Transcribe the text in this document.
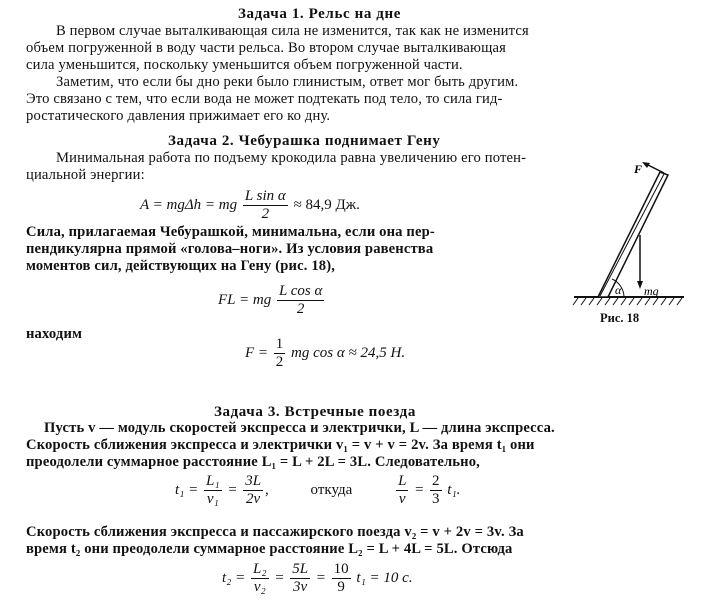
Задача 1. Рельс на дне
В первом случае выталкивающая сила не изменится, так как не изменится
объем погруженной в воду части рельса. Во втором случае выталкивающая
сила уменьшится, поскольку уменьшится объем погруженной части.
Заметим, что если бы дно реки было глинистым, ответ мог быть другим.
Это связано с тем, что если вода не может подтекать под тело, то сила гид-
ростатического давления прижимает его ко дну.
Задача 2. Чебурашка поднимает Гену
Минимальная работа по подъему крокодила равна увеличению его потен-
циальной энергии:
A = mgΔh = mg $\frac{\text{L sin α}}{2} \approx 84,9$ Дж.
Сила, прилагаемая Чебурашкой, минимальна, если она пер-
пендикулярна прямой «голова–ноги». Из условия равенства
моментов сил, действующих на Гену (рис. 18),
FL = mg $\frac{\text{L cos α}}{2}$
находим
$F = \frac{1}{2}$ mg cos α ≈ 24,5 Н.
α mg
F
Рис. 18
Задача 3. Встречные поезда
Пусть v — модуль скоростей экспресса и электрички, L — длина экспресса.
Скорость сближения экспресса и электрички v₁ = v + v = 2v. За время t₁ они
преодолели суммарное расстояние L₁ = L + 2L = 3L. Следовательно,
$t_1 = \frac{\text{L₁}}{\text{v₁}} = \frac{3L}{2v}$ ,	откуда	$\frac{L}{v} = \frac{2}{3} t_1$.
Скорость сближения экспресса и пассажирского поезда v₂ = v + 2v = 3v. За
время t₂ они преодолели суммарное расстояние L₂ = L + 4L = 5L. Отсюда
$t_2 = \frac{\text{L₂}}{\text{v₂}} = \frac{5L}{3v} = \frac{10}{9} t_1 = 10$ с.
